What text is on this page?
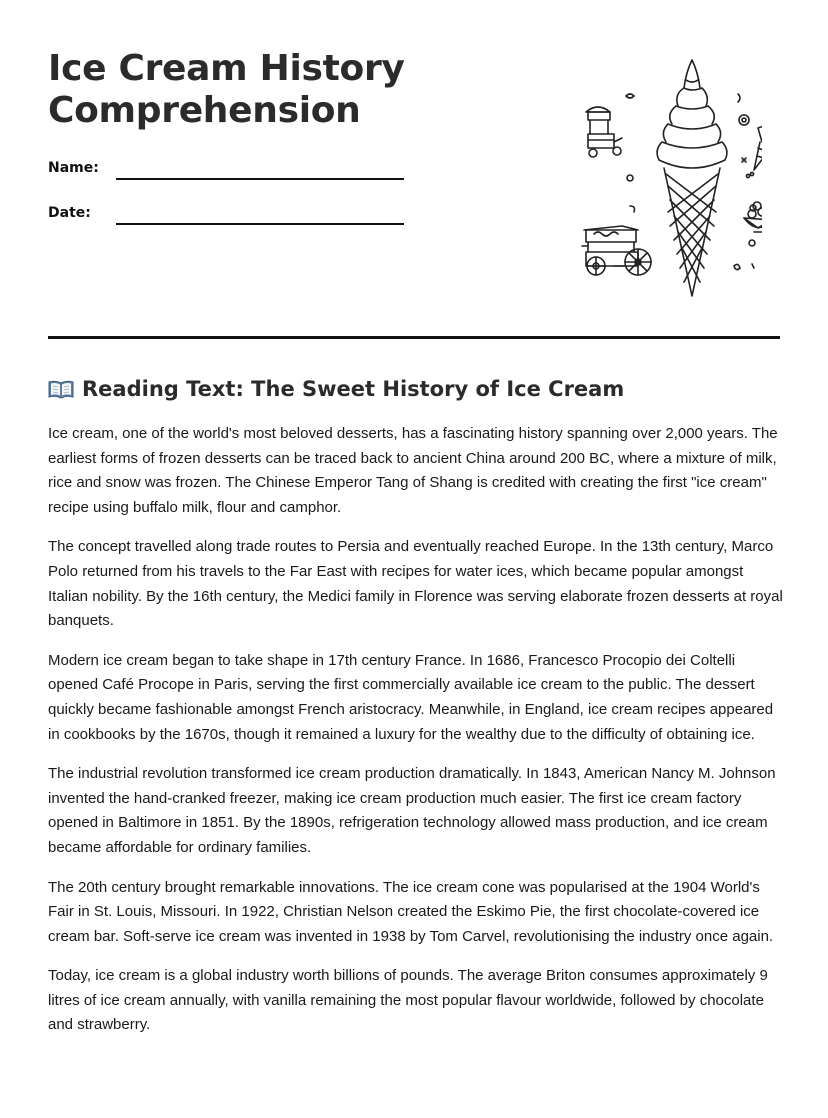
Ice Cream History
Comprehension
Name:
Date:
Reading Text: The Sweet History of Ice Cream

Ice cream, one of the world's most beloved desserts, has a fascinating history spanning over 2,000 years. The earliest forms of frozen desserts can be traced back to ancient China around 200 BC, where a mixture of milk, rice and snow was frozen. The Chinese Emperor Tang of Shang is credited with creating the first "ice cream" recipe using buffalo milk, flour and camphor.

The concept travelled along trade routes to Persia and eventually reached Europe. In the 13th century, Marco Polo returned from his travels to the Far East with recipes for water ices, which became popular amongst Italian nobility. By the 16th century, the Medici family in Florence was serving elaborate frozen desserts at royal banquets.

Modern ice cream began to take shape in 17th century France. In 1686, Francesco Procopio dei Coltelli opened Café Procope in Paris, serving the first commercially available ice cream to the public. The dessert quickly became fashionable amongst French aristocracy. Meanwhile, in England, ice cream recipes appeared in cookbooks by the 1670s, though it remained a luxury for the wealthy due to the difficulty of obtaining ice.

The industrial revolution transformed ice cream production dramatically. In 1843, American Nancy M. Johnson invented the hand-cranked freezer, making ice cream production much easier. The first ice cream factory opened in Baltimore in 1851. By the 1890s, refrigeration technology allowed mass production, and ice cream became affordable for ordinary families.

The 20th century brought remarkable innovations. The ice cream cone was popularised at the 1904 World's Fair in St. Louis, Missouri. In 1922, Christian Nelson created the Eskimo Pie, the first chocolate-covered ice cream bar. Soft-serve ice cream was invented in 1938 by Tom Carvel, revolutionising the industry once again.

Today, ice cream is a global industry worth billions of pounds. The average Briton consumes approximately 9 litres of ice cream annually, with vanilla remaining the most popular flavour worldwide, followed by chocolate and strawberry.
